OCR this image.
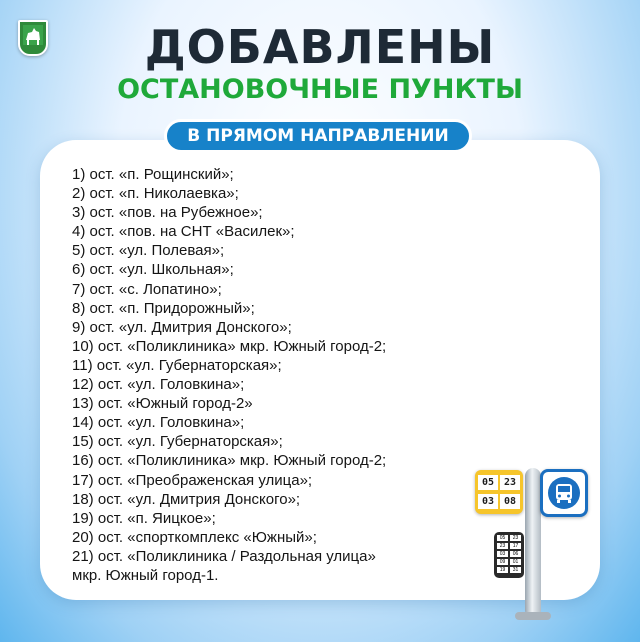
ДОБАВЛЕНЫ
ОСТАНОВОЧНЫЕ ПУНКТЫ
В ПРЯМОМ НАПРАВЛЕНИИ
1) ост. «п. Рощинский»;
2) ост. «п. Николаевка»;
3) ост. «пов. на Рубежное»;
4) ост. «пов. на СНТ «Василек»;
5) ост. «ул. Полевая»;
6) ост. «ул. Школьная»;
7) ост. «с. Лопатино»;
8) ост. «п. Придорожный»;
9) ост. «ул. Дмитрия Донского»;
10) ост. «Поликлиника» мкр. Южный город-2;
11) ост. «ул. Губернаторская»;
12) ост. «ул. Головкина»;
13) ост. «Южный город-2»
14) ост. «ул. Головкина»;
15) ост. «ул. Губернаторская»;
16) ост. «Поликлиника» мкр. Южный город-2;
17) ост. «Преображенская улица»;
18) ост. «ул. Дмитрия Донского»;
19) ост. «п. Яицкое»;
20) ост. «спорткомплекс «Южный»;
21) ост. «Поликлиника / Раздольная улица»
мкр. Южный город-1.
05 23
03 08
05	23
23	17
03	06
09	01
19	31
